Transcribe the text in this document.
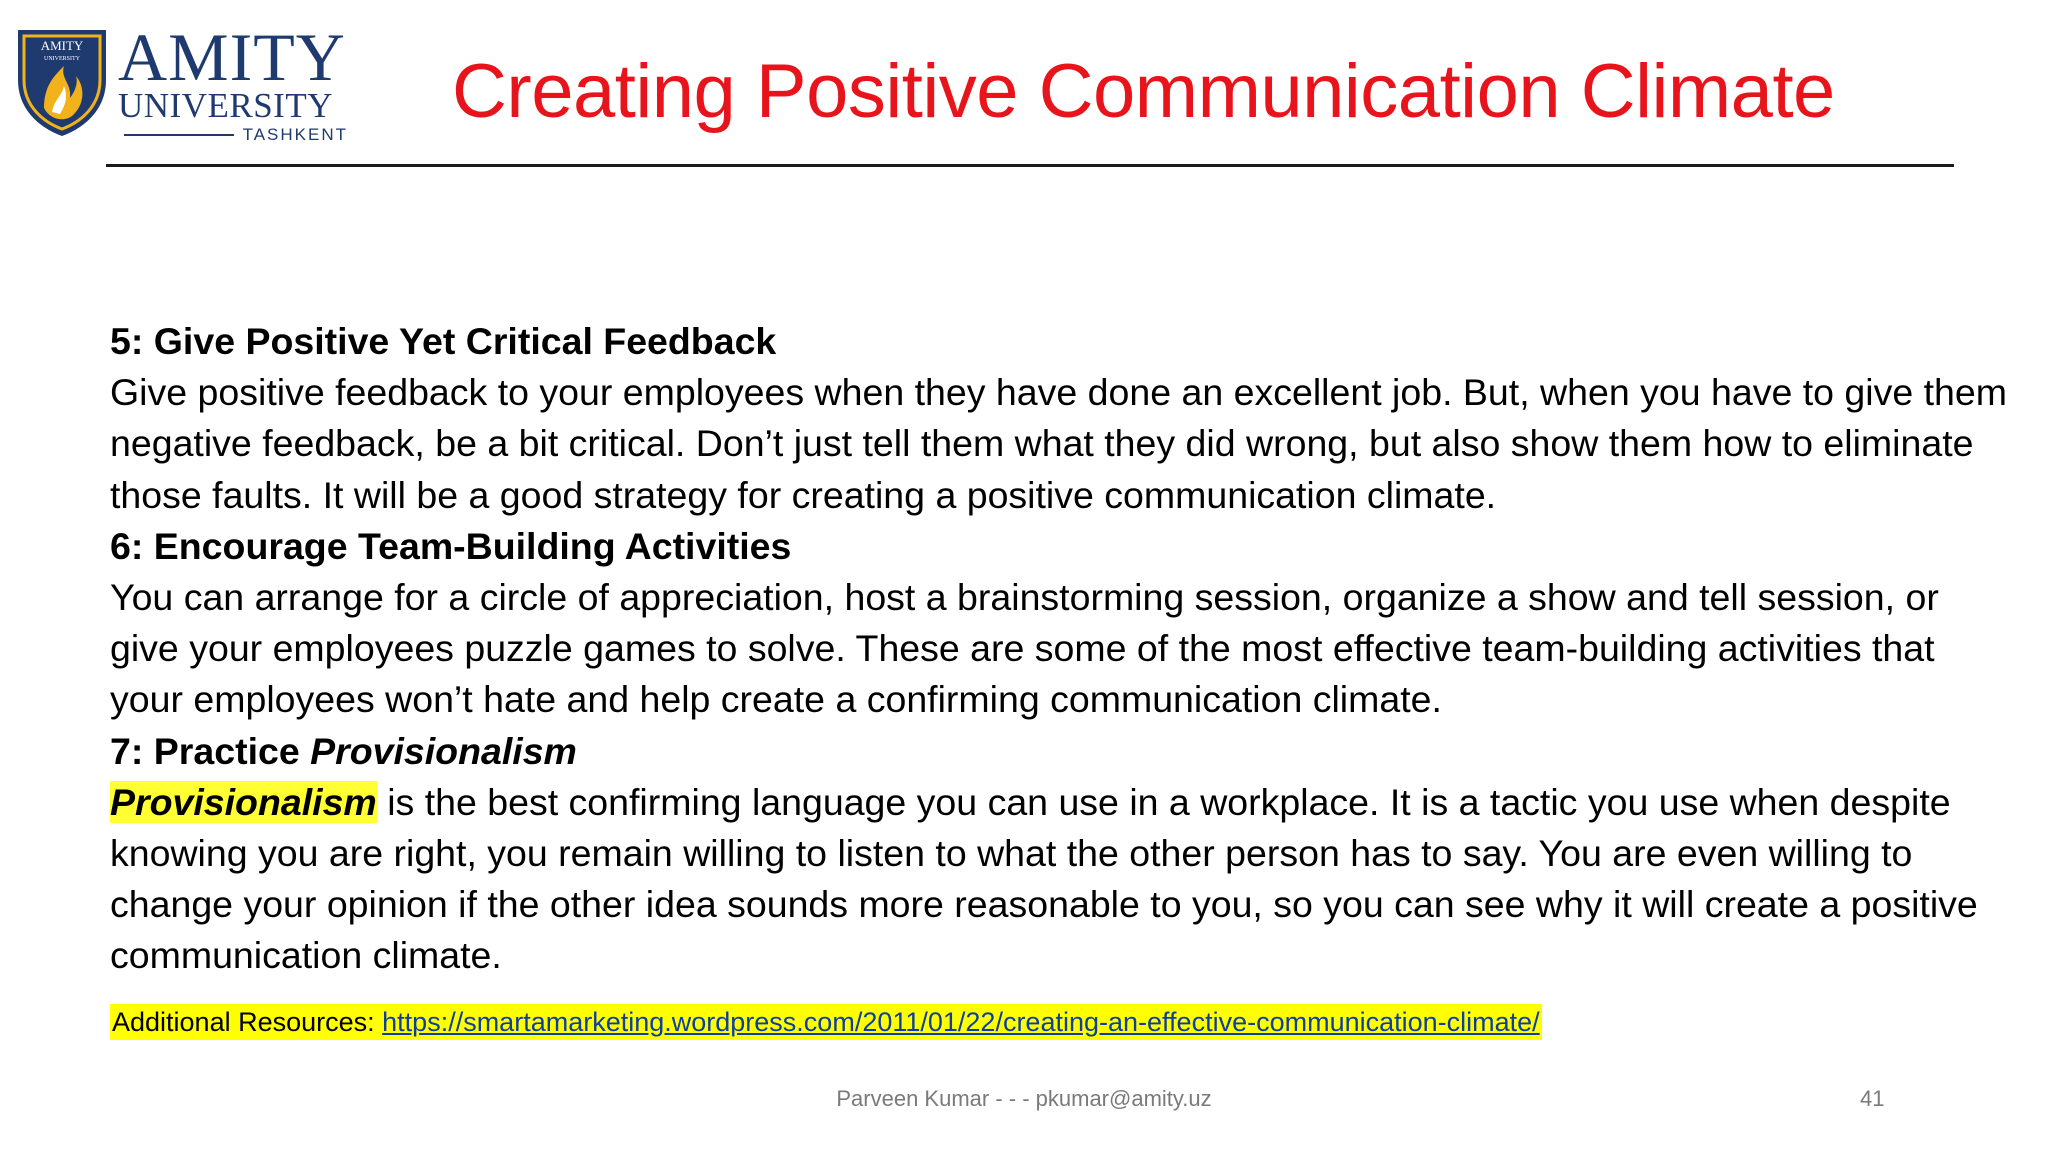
AMITY
UNIVERSITY AMITY
UNIVERSITY
TASHKENT
Creating Positive Communication Climate

5: Give Positive Yet Critical Feedback

Give positive feedback to your employees when they have done an excellent job. But, when you have to give them negative feedback, be a bit critical. Don’t just tell them what they did wrong, but also show them how to eliminate those faults. It will be a good strategy for creating a positive communication climate.

6: Encourage Team-Building Activities

You can arrange for a circle of appreciation, host a brainstorming session, organize a show and tell session, or give your employees puzzle games to solve. These are some of the most effective team-building activities that your employees won’t hate and help create a confirming communication climate.

7: Practice Provisionalism

Provisionalism is the best confirming language you can use in a workplace. It is a tactic you use when despite knowing you are right, you remain willing to listen to what the other person has to say. You are even willing to change your opinion if the other idea sounds more reasonable to you, so you can see why it will create a positive communication climate.

Additional Resources: https://smartamarketing.wordpress.com/2011/01/22/creating-an-effective-communication-climate/
Parveen Kumar - - - pkumar@amity.uz	41
